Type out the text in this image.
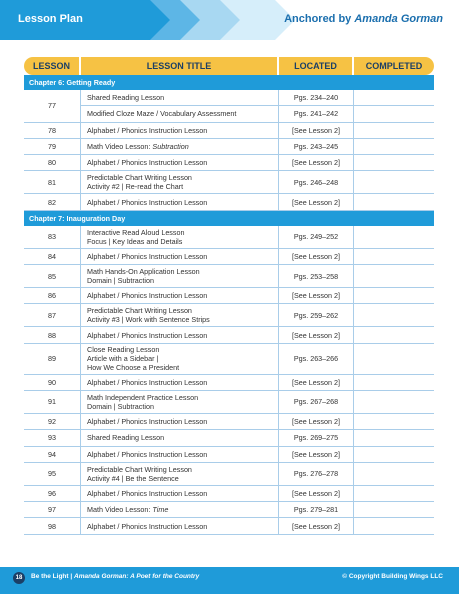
Lesson Plan	Anchored by Amanda Gorman
LESSON	LESSON TITLE	LOCATED	COMPLETED
Chapter 6: Getting Ready			
77	Shared Reading Lesson	Pgs. 234–240	
	Modified Cloze Maze / Vocabulary Assessment	Pgs. 241–242	
78	Alphabet / Phonics Instruction Lesson	[See Lesson 2]	
79	Math Video Lesson: Subtraction	Pgs. 243–245	
80	Alphabet / Phonics Instruction Lesson	[See Lesson 2]	
81	Predictable Chart Writing Lesson
Activity #2 | Re-read the Chart	Pgs. 246–248	
82	Alphabet / Phonics Instruction Lesson	[See Lesson 2]	
Chapter 7: Inauguration Day			
83	Interactive Read Aloud Lesson
Focus | Key Ideas and Details	Pgs. 249–252	
84	Alphabet / Phonics Instruction Lesson	[See Lesson 2]	
85	Math Hands-On Application Lesson
Domain | Subtraction	Pgs. 253–258	
86	Alphabet / Phonics Instruction Lesson	[See Lesson 2]	
87	Predictable Chart Writing Lesson
Activity #3 | Work with Sentence Strips	Pgs. 259–262	
88	Alphabet / Phonics Instruction Lesson	[See Lesson 2]	
89	Close Reading Lesson
Article with a Sidebar |
How We Choose a President	Pgs. 263–266	
90	Alphabet / Phonics Instruction Lesson	[See Lesson 2]	
91	Math Independent Practice Lesson
Domain | Subtraction	Pgs. 267–268	
92	Alphabet / Phonics Instruction Lesson	[See Lesson 2]	
93	Shared Reading Lesson	Pgs. 269–275	
94	Alphabet / Phonics Instruction Lesson	[See Lesson 2]	
95	Predictable Chart Writing Lesson
Activity #4 | Be the Sentence	Pgs. 276–278	
96	Alphabet / Phonics Instruction Lesson	[See Lesson 2]	
97	Math Video Lesson: Time	Pgs. 279–281	
98	Alphabet / Phonics Instruction Lesson	[See Lesson 2]	
18	Be the Light | Amanda Gorman: A Poet for the Country	© Copyright Building Wings LLC
